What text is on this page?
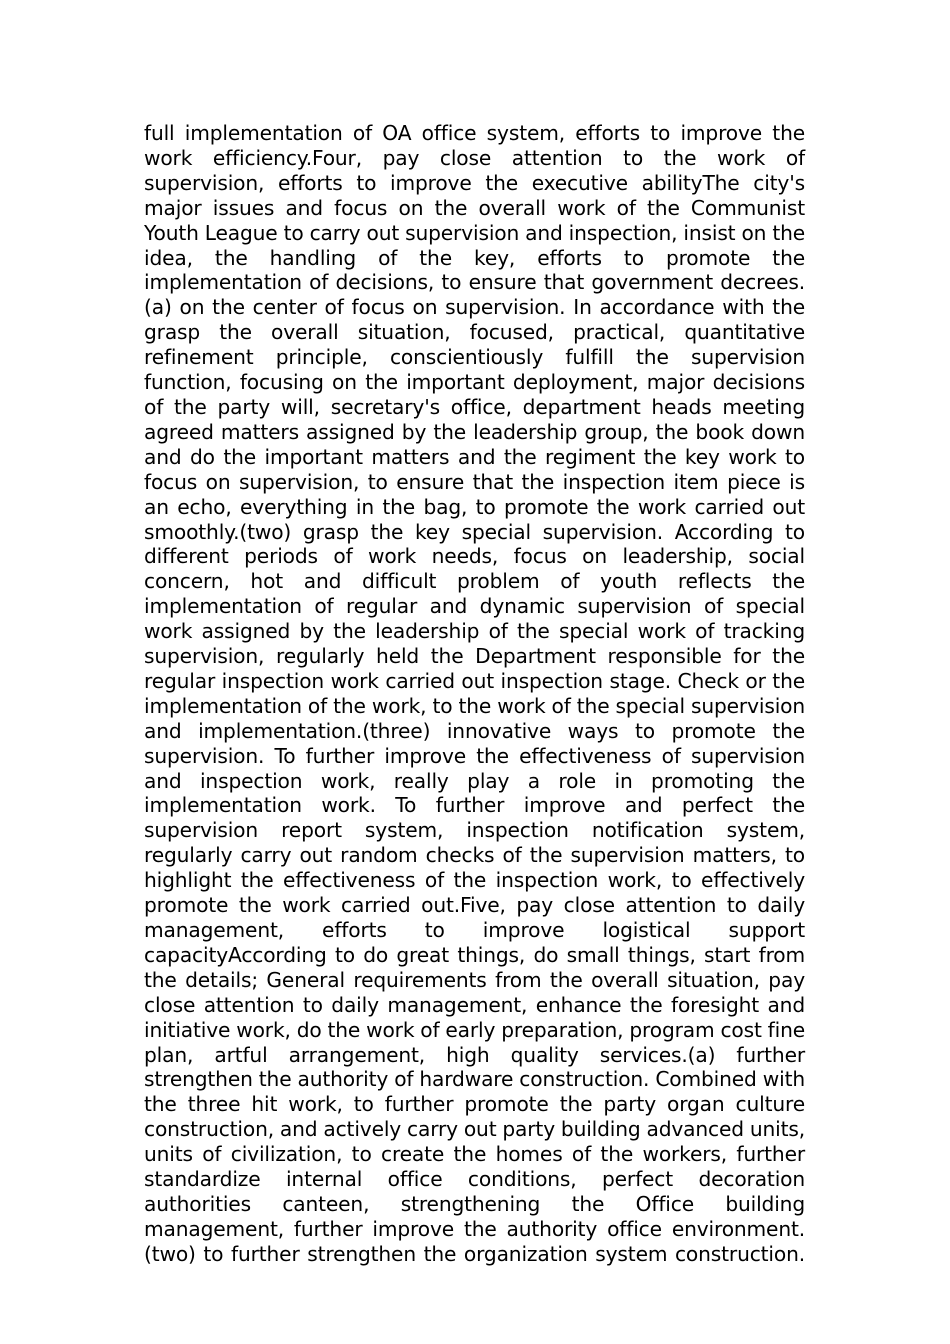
full implementation of OA office system, efforts to improve the work efficiency.Four, pay close attention to the work of supervision, efforts to improve the executive abilityThe city's major issues and focus on the overall work of the Communist Youth League to carry out supervision and inspection, insist on the idea, the handling of the key, efforts to promote the implementation of decisions, to ensure that government decrees.(a) on the center of focus on supervision. In accordance with the grasp the overall situation, focused, practical, quantitative refinement principle, conscientiously fulfill the supervision function, focusing on the important deployment, major decisions of the party will, secretary's office, department heads meeting agreed matters assigned by the leadership group, the book down and do the important matters and the regiment the key work to focus on supervision, to ensure that the inspection item piece is an echo, everything in the bag, to promote the work carried out smoothly.(two) grasp the key special supervision. According to different periods of work needs, focus on leadership, social concern, hot and difficult problem of youth reflects the implementation of regular and dynamic supervision of special work assigned by the leadership of the special work of tracking supervision, regularly held the Department responsible for the regular inspection work carried out inspection stage. Check or the implementation of the work, to the work of the special supervision and implementation.(three) innovative ways to promote the supervision. To further improve the effectiveness of supervision and inspection work, really play a role in promoting the implementation work. To further improve and perfect the supervision report system, inspection notification system, regularly carry out random checks of the supervision matters, to highlight the effectiveness of the inspection work, to effectively promote the work carried out.Five, pay close attention to daily management, efforts to improve logistical support capacityAccording to do great things, do small things, start from the details; General requirements from the overall situation, pay close attention to daily management, enhance the foresight and initiative work, do the work of early preparation, program cost fine plan, artful arrangement, high quality services.(a) further strengthen the authority of hardware construction. Combined with the three hit work, to further promote the party organ culture construction, and actively carry out party building advanced units, units of civilization, to create the homes of the workers, further standardize internal office conditions, perfect decoration authorities canteen, strengthening the Office building management, further improve the authority office environment. (two) to further strengthen the organization system construction.
